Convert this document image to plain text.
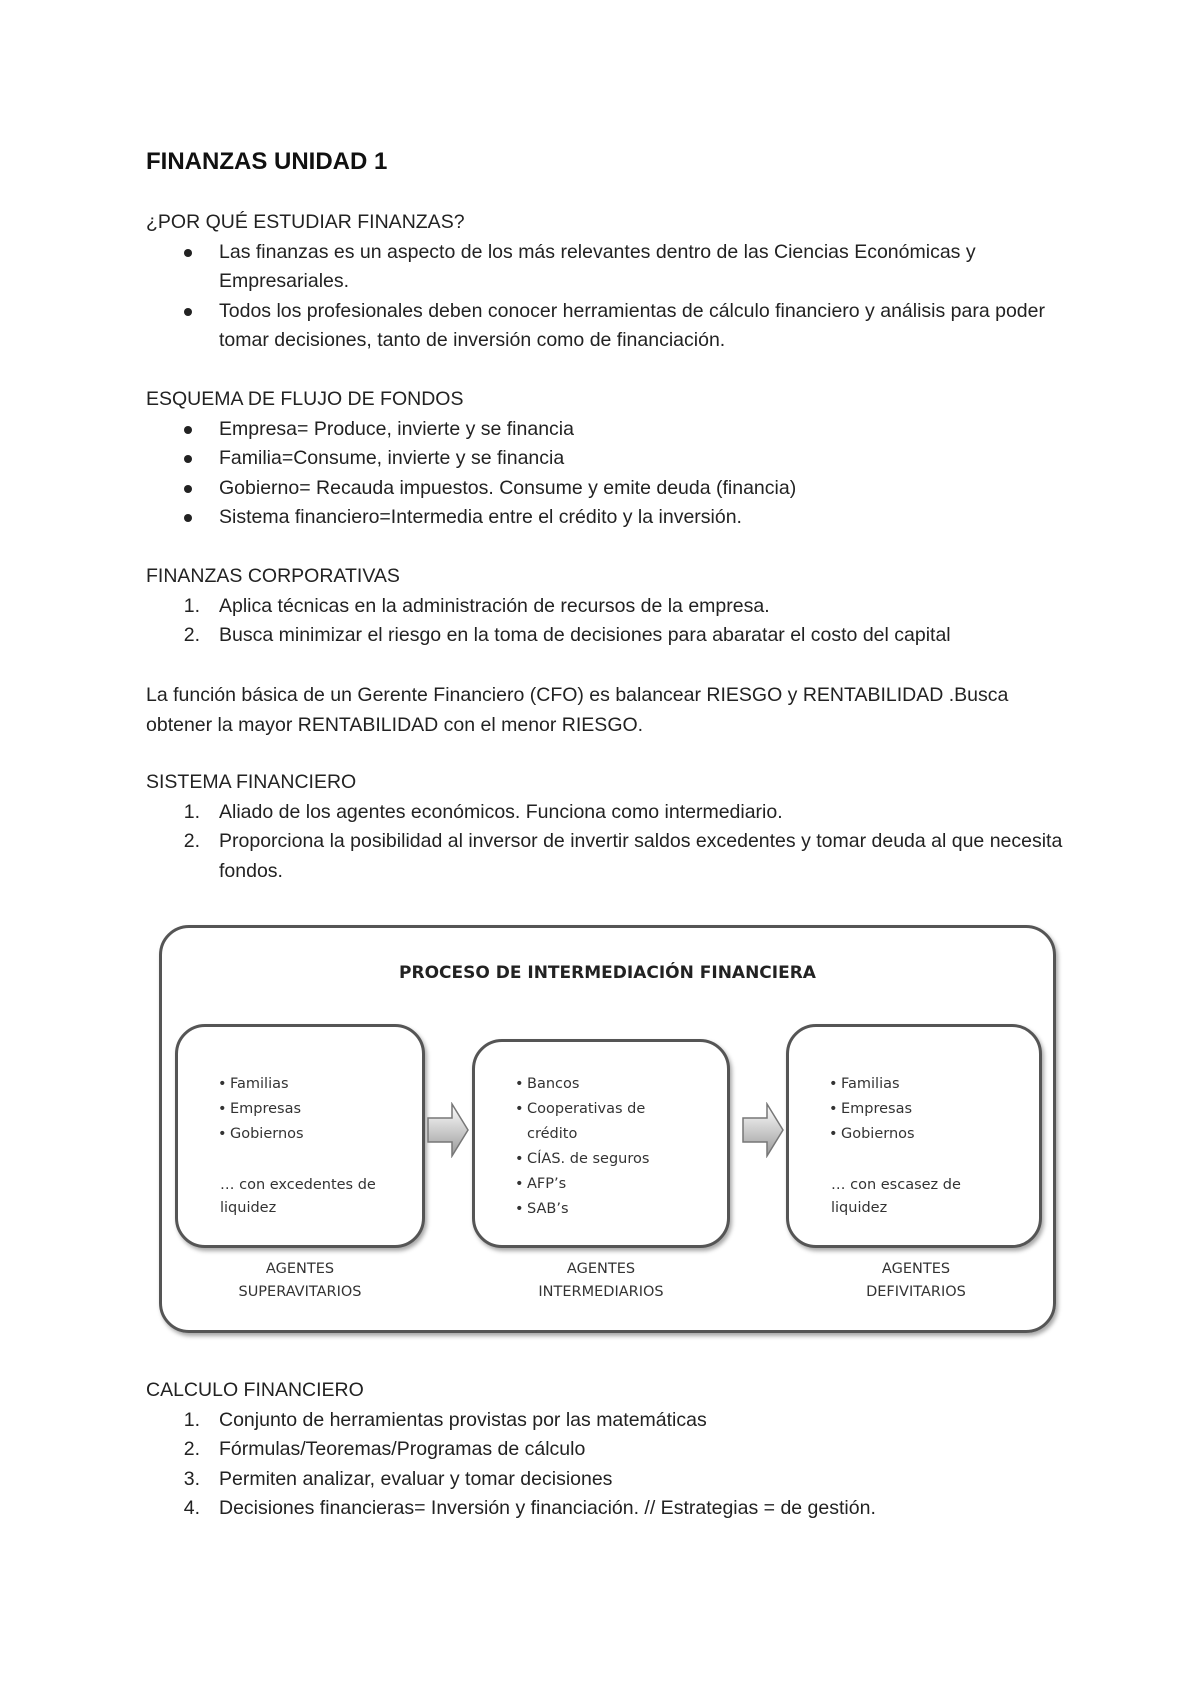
FINANZAS UNIDAD 1
¿POR QUÉ ESTUDIAR FINANZAS?
Las finanzas es un aspecto de los más relevantes dentro de las Ciencias Económicas y Empresariales.
Todos los profesionales deben conocer herramientas de cálculo financiero y análisis para poder tomar decisiones, tanto de inversión como de financiación.
ESQUEMA DE FLUJO DE FONDOS
Empresa= Produce, invierte y se financia
Familia=Consume, invierte y se financia
Gobierno= Recauda impuestos. Consume y emite deuda (financia)
Sistema financiero=Intermedia entre el crédito y la inversión.
FINANZAS CORPORATIVAS
1. Aplica técnicas en la administración de recursos de la empresa.
2. Busca minimizar el riesgo en la toma de decisiones para abaratar el costo del capital

La función básica de un Gerente Financiero (CFO) es balancear RIESGO y RENTABILIDAD .Busca obtener la mayor RENTABILIDAD con el menor RIESGO.

SISTEMA FINANCIERO
1. Aliado de los agentes económicos. Funciona como intermediario.
2. Proporciona la posibilidad al inversor de invertir saldos excedentes y tomar deuda al que necesita fondos.
PROCESO DE INTERMEDIACIÓN FINANCIERA
• Familias
• Empresas
• Gobiernos
… con excedentes de liquidez
• Bancos
• Cooperativas de crédito
• CÍAS. de seguros
• AFP’s
• SAB’s
• Familias
• Empresas
• Gobiernos
… con escasez de liquidez
AGENTES
SUPERAVITARIOS
AGENTES
INTERMEDIARIOS
AGENTES
DEFIVITARIOS
CALCULO FINANCIERO
1. Conjunto de herramientas provistas por las matemáticas
2. Fórmulas/Teoremas/Programas de cálculo
3. Permiten analizar, evaluar y tomar decisiones
4. Decisiones financieras= Inversión y financiación. // Estrategias = de gestión.
